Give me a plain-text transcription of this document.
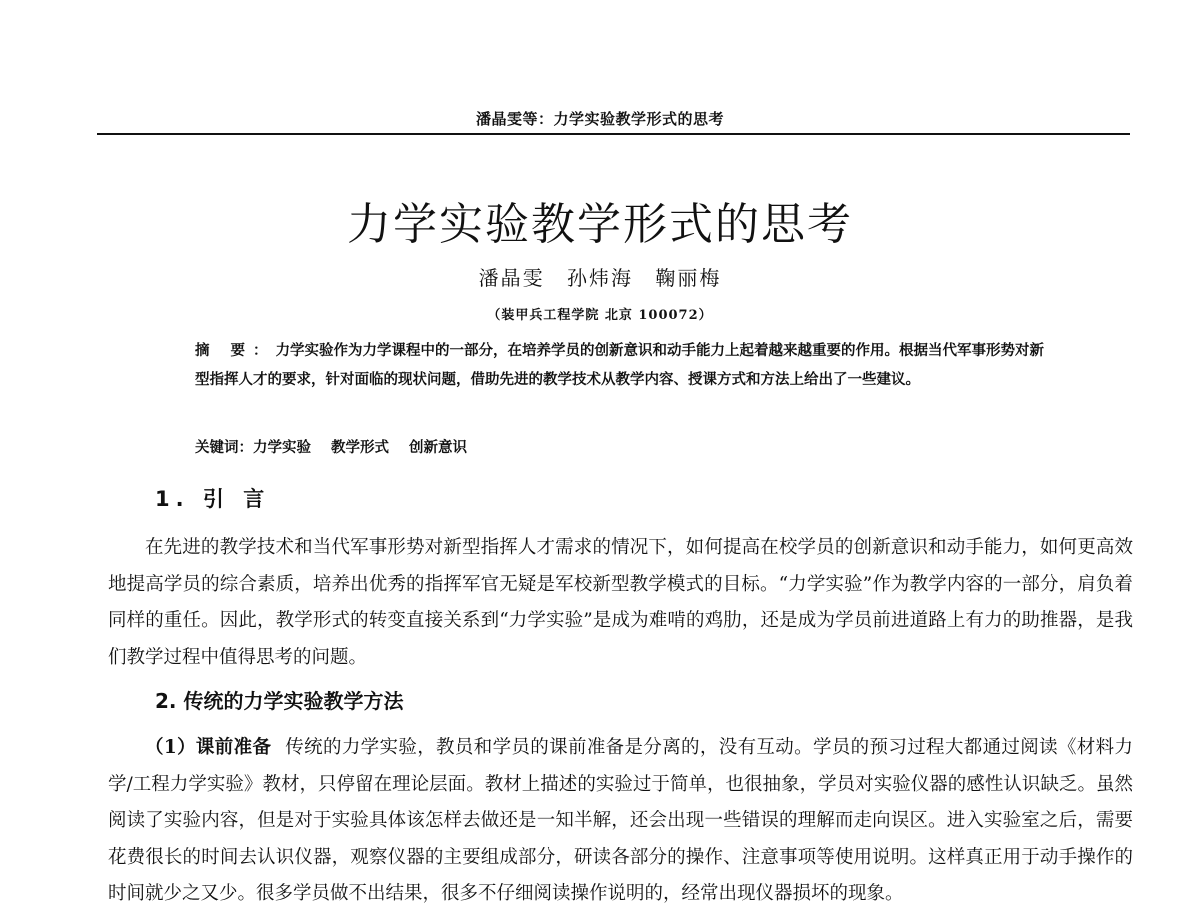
潘晶雯等：力学实验教学形式的思考
力学实验教学形式的思考
潘晶雯 孙炜海 鞠丽梅
（装甲兵工程学院 北京 100072）
摘 要：力学实验作为力学课程中的一部分，在培养学员的创新意识和动手能力上起着越来越重要的作用。根据当代军事形势对新型指挥人才的要求，针对面临的现状问题，借助先进的教学技术从教学内容、授课方式和方法上给出了一些建议。
关键词：力学实验 教学形式 创新意识
1. 引 言

在先进的教学技术和当代军事形势对新型指挥人才需求的情况下，如何提高在校学员的创新意识和动手能力，如何更高效地提高学员的综合素质，培养出优秀的指挥军官无疑是军校新型教学模式的目标。“力学实验”作为教学内容的一部分，肩负着同样的重任。因此，教学形式的转变直接关系到“力学实验”是成为难啃的鸡肋，还是成为学员前进道路上有力的助推器，是我们教学过程中值得思考的问题。

2. 传统的力学实验教学方法

（1）课前准备 传统的力学实验，教员和学员的课前准备是分离的，没有互动。学员的预习过程大都通过阅读《材料力学/工程力学实验》教材，只停留在理论层面。教材上描述的实验过于简单，也很抽象，学员对实验仪器的感性认识缺乏。虽然阅读了实验内容，但是对于实验具体该怎样去做还是一知半解，还会出现一些错误的理解而走向误区。进入实验室之后，需要花费很长的时间去认识仪器，观察仪器的主要组成部分，研读各部分的操作、注意事项等使用说明。这样真正用于动手操作的时间就少之又少。很多学员做不出结果，很多不仔细阅读操作说明的，经常出现仪器损坏的现象。
